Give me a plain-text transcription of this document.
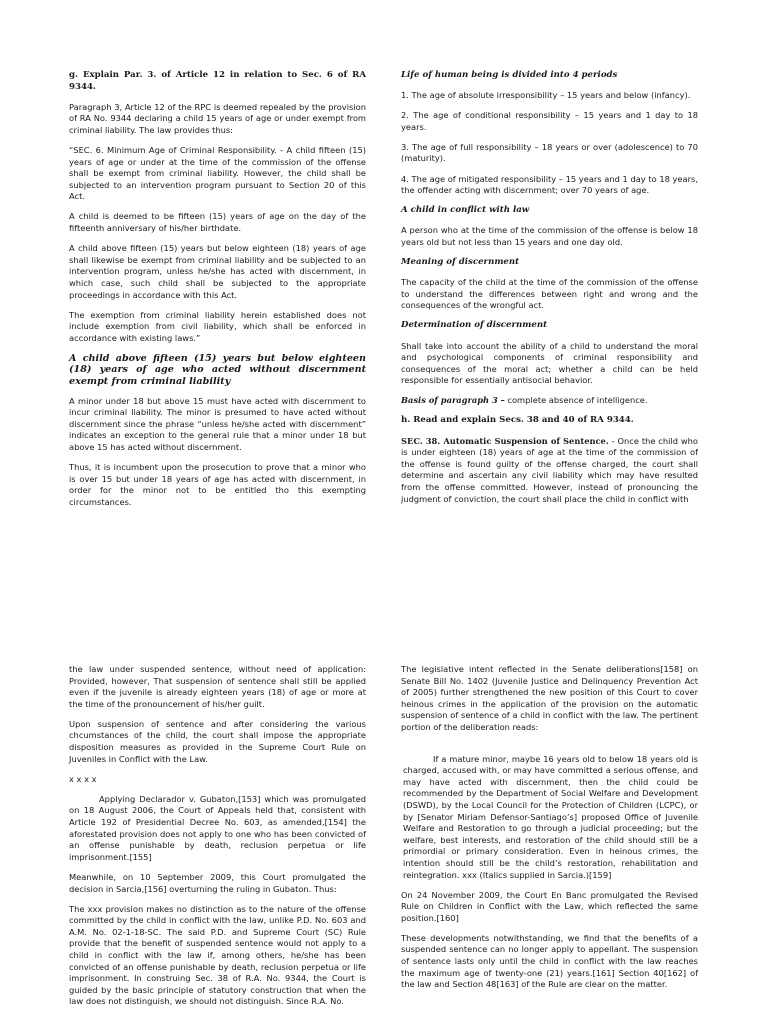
g. Explain Par. 3. of Article 12 in relation to Sec. 6 of RA 9344.

Paragraph 3, Article 12 of the RPC is deemed repealed by the provision of RA No. 9344 declaring a child 15 years of age or under exempt from criminal liability. The law provides thus:

“SEC. 6. Minimum Age of Criminal Responsibility. - A child fifteen (15) years of age or under at the time of the commission of the offense shall be exempt from criminal liability. However, the child shall be subjected to an intervention program pursuant to Section 20 of this Act.

A child is deemed to be fifteen (15) years of age on the day of the fifteenth anniversary of his/her birthdate.

A child above fifteen (15) years but below eighteen (18) years of age shall likewise be exempt from criminal liability and be subjected to an intervention program, unless he/she has acted with discernment, in which case, such child shall be subjected to the appropriate proceedings in accordance with this Act.

The exemption from criminal liability herein established does not include exemption from civil liability, which shall be enforced in accordance with existing laws.”

A child above fifteen (15) years but below eighteen (18) years of age who acted without discernment exempt from criminal liability

A minor under 18 but above 15 must have acted with discernment to incur criminal liability. The minor is presumed to have acted without discernment since the phrase “unless he/she acted with discernment” indicates an exception to the general rule that a minor under 18 but above 15 has acted without discernment.

Thus, it is incumbent upon the prosecution to prove that a minor who is over 15 but under 18 years of age has acted with discernment, in order for the minor not to be entitled tho this exempting circumstances.

Life of human being is divided into 4 periods

1. The age of absolute irresponsibility – 15 years and below (infancy).

2. The age of conditional responsibility – 15 years and 1 day to 18 years.

3. The age of full responsibility – 18 years or over (adolescence) to 70 (maturity).

4. The age of mitigated responsibility – 15 years and 1 day to 18 years, the offender acting with discernment; over 70 years of age.

A child in conflict with law

A person who at the time of the commission of the offense is below 18 years old but not less than 15 years and one day old.

Meaning of discernment

The capacity of the child at the time of the commission of the offense to understand the differences between right and wrong and the consequences of the wrongful act.

Determination of discernment

Shall take into account the ability of a child to understand the moral and psychological components of criminal responsibility and consequences of the moral act; whether a child can be held responsible for essentially antisocial behavior.

Basis of paragraph 3 – complete absence of intelligence.

h. Read and explain Secs. 38 and 40 of RA 9344.

SEC. 38. Automatic Suspension of Sentence. - Once the child who is under eighteen (18) years of age at the time of the commission of the offense is found guilty of the offense charged, the court shall determine and ascertain any civil liability which may have resulted from the offense committed. However, instead of pronouncing the judgment of conviction, the court shall place the child in conflict with

the law under suspended sentence, without need of application: Provided, however, That suspension of sentence shall still be applied even if the juvenile is already eighteen years (18) of age or more at the time of the pronouncement of his/her guilt.

Upon suspension of sentence and after considering the various chcumstances of the child, the court shall impose the appropriate disposition measures as provided in the Supreme Court Rule on Juveniles in Conflict with the Law.

x x x x

Applying Declarador v. Gubaton,[153] which was promulgated on 18 August 2006, the Court of Appeals held that, consistent with Article 192 of Presidential Decree No. 603, as amended,[154] the aforestated provision does not apply to one who has been convicted of an offense punishable by death, reclusion perpetua or life imprisonment.[155]

Meanwhile, on 10 September 2009, this Court promulgated the decision in Sarcia,[156] overturning the ruling in Gubaton. Thus:

The xxx provision makes no distinction as to the nature of the offense committed by the child in conflict with the law, unlike P.D. No. 603 and A.M. No. 02-1-18-SC. The said P.D. and Supreme Court (SC) Rule provide that the benefit of suspended sentence would not apply to a child in conflict with the law if, among others, he/she has been convicted of an offense punishable by death, reclusion perpetua or life imprisonment. In construing Sec. 38 of R.A. No. 9344, the Court is guided by the basic principle of statutory construction that when the law does not distinguish, we should not distinguish. Since R.A. No.

The legislative intent reflected in the Senate deliberations[158] on Senate Bill No. 1402 (Juvenile Justice and Delinquency Prevention Act of 2005) further strengthened the new position of this Court to cover heinous crimes in the application of the provision on the automatic suspension of sentence of a child in conflict with the law. The pertinent portion of the deliberation reads:

If a mature minor, maybe 16 years old to below 18 years old is charged, accused with, or may have committed a serious offense, and may have acted with discernment, then the child could be recommended by the Department of Social Welfare and Development (DSWD), by the Local Council for the Protection of Children (LCPC), or by [Senator Miriam Defensor-Santiago’s] proposed Office of Juvenile Welfare and Restoration to go through a judicial proceeding; but the welfare, best interests, and restoration of the child should still be a primordial or primary consideration. Even in heinous crimes, the intention should still be the child’s restoration, rehabilitation and reintegration. xxx (Italics supplied in Sarcia.)[159]

On 24 November 2009, the Court En Banc promulgated the Revised Rule on Children in Conflict with the Law, which reflected the same position.[160]

These developments notwithstanding, we find that the benefits of a suspended sentence can no longer apply to appellant. The suspension of sentence lasts only until the child in conflict with the law reaches the maximum age of twenty-one (21) years.[161] Section 40[162] of the law and Section 48[163] of the Rule are clear on the matter.
